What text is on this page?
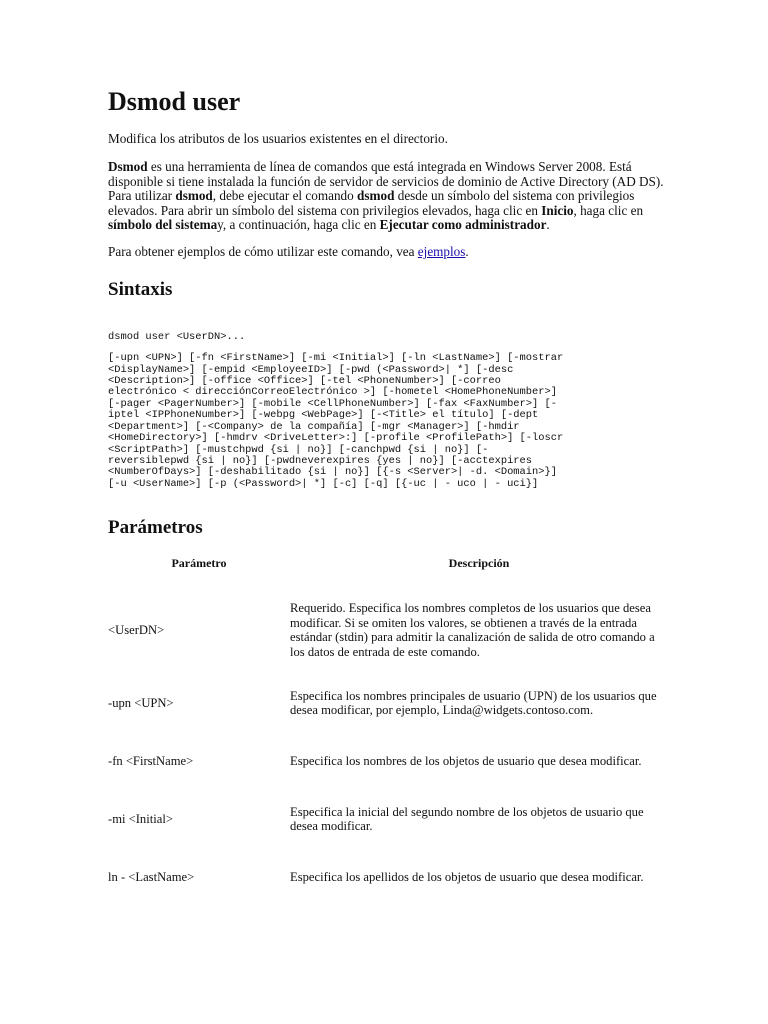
Dsmod user

Modifica los atributos de los usuarios existentes en el directorio.

Dsmod es una herramienta de línea de comandos que está integrada en Windows Server 2008. Está disponible si tiene instalada la función de servidor de servicios de dominio de Active Directory (AD DS). Para utilizar dsmod, debe ejecutar el comando dsmod desde un símbolo del sistema con privilegios elevados. Para abrir un símbolo del sistema con privilegios elevados, haga clic en Inicio, haga clic en símbolo del sistemay, a continuación, haga clic en Ejecutar como administrador.

Para obtener ejemplos de cómo utilizar este comando, vea ejemplos.

Sintaxis
dsmod user <UserDN>...
[-upn <UPN>] [-fn <FirstName>] [-mi <Initial>] [-ln <LastName>] [-mostrar
<DisplayName>] [-empid <EmployeeID>] [-pwd (<Password>| *] [-desc
<Description>] [-office <Office>] [-tel <PhoneNumber>] [-correo
electrónico < direcciónCorreoElectrónico >] [-hometel <HomePhoneNumber>]
[-pager <PagerNumber>] [-mobile <CellPhoneNumber>] [-fax <FaxNumber>] [-
iptel <IPPhoneNumber>] [-webpg <WebPage>] [-<Title> el título] [-dept
<Department>] [-<Company> de la compañía] [-mgr <Manager>] [-hmdir
<HomeDirectory>] [-hmdrv <DriveLetter>:] [-profile <ProfilePath>] [-loscr
<ScriptPath>] [-mustchpwd {si | no}] [-canchpwd {si | no}] [-
reversiblepwd {si | no}] [-pwdneverexpires {yes | no}] [-acctexpires
<NumberOfDays>] [-deshabilitado {si | no}] [{-s <Server>| -d. <Domain>}]
[-u <UserName>] [-p (<Password>| *] [-c] [-q] [{-uc | - uco | - uci}]
Parámetros
Parámetro	Descripción
<UserDN>	Requerido. Especifica los nombres completos de los usuarios que desea modificar. Si se omiten los valores, se obtienen a través de la entrada estándar (stdin) para admitir la canalización de salida de otro comando a los datos de entrada de este comando.
-upn <UPN>	Especifica los nombres principales de usuario (UPN) de los usuarios que desea modificar, por ejemplo, Linda@widgets.contoso.com.
-fn <FirstName>	Especifica los nombres de los objetos de usuario que desea modificar.
-mi <Initial>	Especifica la inicial del segundo nombre de los objetos de usuario que desea modificar.
ln - <LastName>	Especifica los apellidos de los objetos de usuario que desea modificar.
